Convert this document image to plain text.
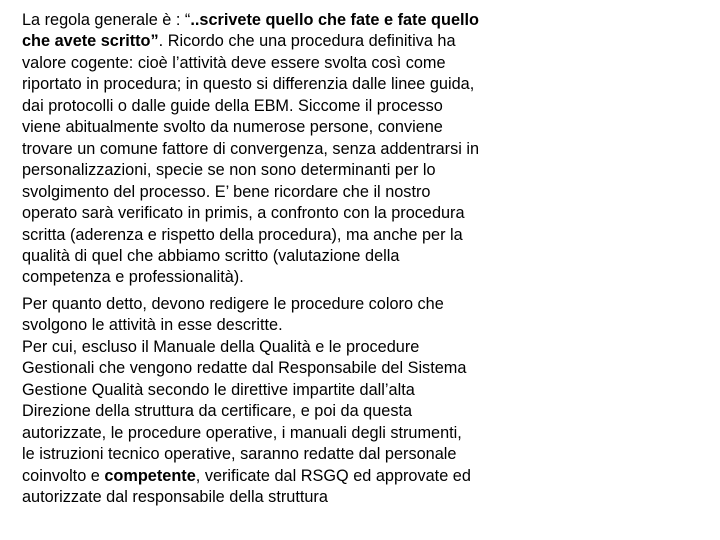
La regola generale è : “..scrivete quello che fate e fate quello
che avete scritto”. Ricordo che una procedura definitiva ha
valore cogente: cioè l’attività deve essere svolta così come
riportato in procedura; in questo si differenzia dalle linee guida,
dai protocolli o dalle guide della EBM. Siccome il processo
viene abitualmente svolto da numerose persone, conviene
trovare un comune fattore di convergenza, senza addentrarsi in
personalizzazioni, specie se non sono determinanti per lo
svolgimento del processo. E’ bene ricordare che il nostro
operato sarà verificato in primis, a confronto con la procedura
scritta (aderenza e rispetto della procedura), ma anche per la
qualità di quel che abbiamo scritto (valutazione della
competenza e professionalità).

Per quanto detto, devono redigere le procedure coloro che
svolgono le attività in esse descritte.
Per cui, escluso il Manuale della Qualità e le procedure
Gestionali che vengono redatte dal Responsabile del Sistema
Gestione Qualità secondo le direttive impartite dall’alta
Direzione della struttura da certificare, e poi da questa
autorizzate, le procedure operative, i manuali degli strumenti,
le istruzioni tecnico operative, saranno redatte dal personale
coinvolto e competente, verificate dal RSGQ ed approvate ed
autorizzate dal responsabile della struttura
